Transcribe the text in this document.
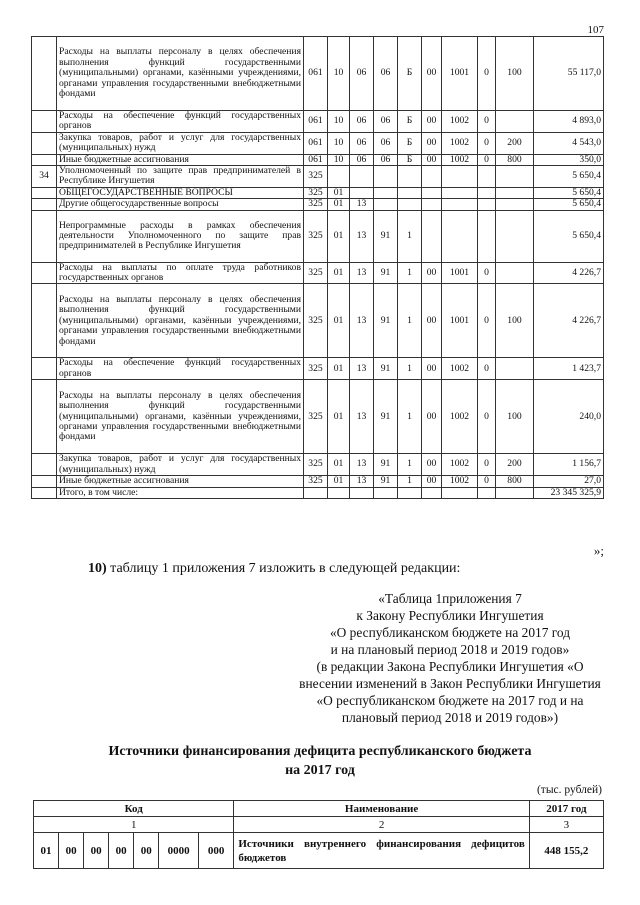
107
	Расходы на выплаты персоналу в целях обеспечения выполнения функций государственными (муниципальными) органами, казёнными учреждениями, органами управления государственными внебюджетными фондами	061	10	06	06	Б	00	1001	0	100	55 117,0
	Расходы на обеспечение функций государственных органов	061	10	06	06	Б	00	1002	0		4 893,0
	Закупка товаров, работ и услуг для государственных (муниципальных) нужд	061	10	06	06	Б	00	1002	0	200	4 543,0
	Иные бюджетные ассигнования	061	10	06	06	Б	00	1002	0	800	350,0
34	Уполномоченный по защите прав предпринимателей в Республике Ингушетия	325									5 650,4
	ОБЩЕГОСУДАРСТВЕННЫЕ ВОПРОСЫ	325	01								5 650,4
	Другие общегосударственные вопросы	325	01	13							5 650,4
	Непрограммные расходы в рамках обеспечения деятельности Уполномоченного по защите прав предпринимателей в Республике Ингушетия	325	01	13	91	1					5 650,4
	Расходы на выплаты по оплате труда работников государственных органов	325	01	13	91	1	00	1001	0		4 226,7
	Расходы на выплаты персоналу в целях обеспечения выполнения функций государственными (муниципальными) органами, казённыи учреждениями, органами управления государственными внебюджетными фондами	325	01	13	91	1	00	1001	0	100	4 226,7
	Расходы на обеспечение функций государственных органов	325	01	13	91	1	00	1002	0		1 423,7
	Расходы на выплаты персоналу в целях обеспечения выполнения функций государственными (муниципальными) органами, казённыи учреждениями, органами управления государственными внебюджетными фондами	325	01	13	91	1	00	1002	0	100	240,0
	Закупка товаров, работ и услуг для государственных (муниципальных) нужд	325	01	13	91	1	00	1002	0	200	1 156,7
	Иные бюджетные ассигнования	325	01	13	91	1	00	1002	0	800	27,0
	Итого, в том числе:										23 345 325,9
»;
10) таблицу 1 приложения 7 изложить в следующей редакции:
«Таблица 1приложения 7
к Закону Республики Ингушетия
«О республиканском бюджете на 2017 год
и на плановый период 2018 и 2019 годов»
(в редакции Закона Республики Ингушетия «О
внесении изменений в Закон Республики Ингушетия
«О республиканском бюджете на 2017 год и на
плановый период 2018 и 2019 годов»)
Источники финансирования дефицита республиканского бюджета
на 2017 год
(тыс. рублей)
Код							Наименование	2017 год
1							2	3
01	00	00	00	00	0000	000	Источники внутреннего финансирования дефицитов бюджетов	448 155,2
